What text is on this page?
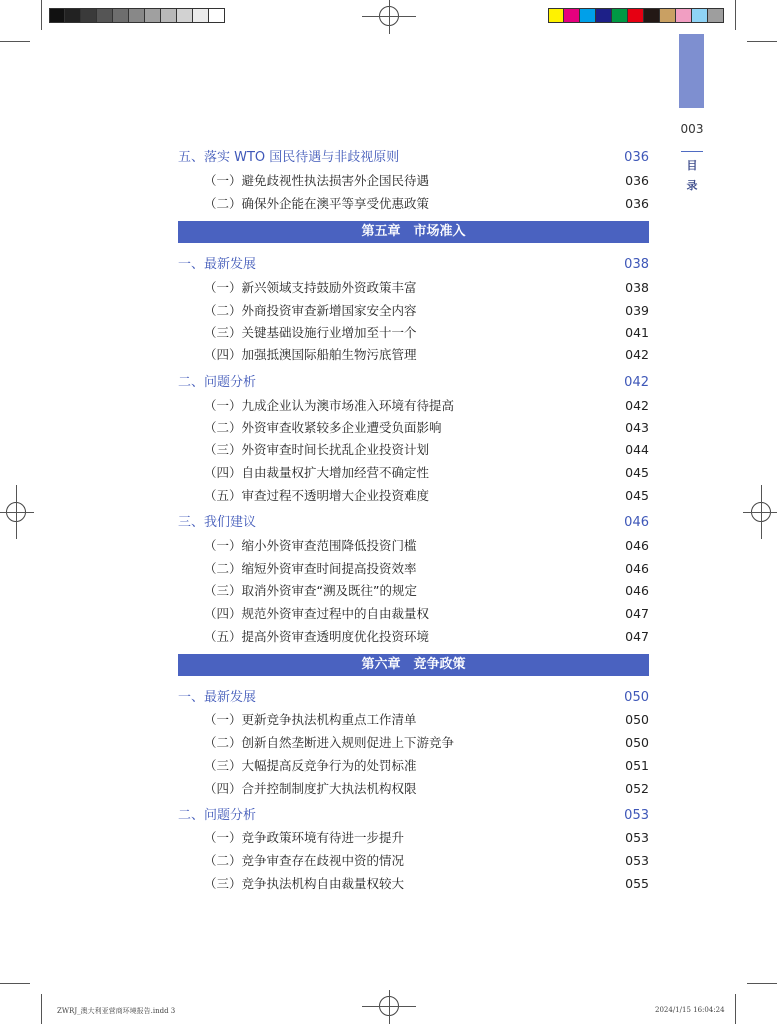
003
目
录
五、落实 WTO 国民待遇与非歧视原则	036
（一）避免歧视性执法损害外企国民待遇	036
（二）确保外企能在澳平等享受优惠政策	036
第五章　市场准入
一、最新发展	038
（一）新兴领域支持鼓励外资政策丰富	038
（二）外商投资审查新增国家安全内容	039
（三）关键基础设施行业增加至十一个	041
（四）加强抵澳国际船舶生物污底管理	042
二、问题分析	042
（一）九成企业认为澳市场准入环境有待提高	042
（二）外资审查收紧较多企业遭受负面影响	043
（三）外资审查时间长扰乱企业投资计划	044
（四）自由裁量权扩大增加经营不确定性	045
（五）审查过程不透明增大企业投资难度	045
三、我们建议	046
（一）缩小外资审查范围降低投资门槛	046
（二）缩短外资审查时间提高投资效率	046
（三）取消外资审查“溯及既往”的规定	046
（四）规范外资审查过程中的自由裁量权	047
（五）提高外资审查透明度优化投资环境	047
第六章　竞争政策
一、最新发展	050
（一）更新竞争执法机构重点工作清单	050
（二）创新自然垄断进入规则促进上下游竞争	050
（三）大幅提高反竞争行为的处罚标准	051
（四）合并控制制度扩大执法机构权限	052
二、问题分析	053
（一）竞争政策环境有待进一步提升	053
（二）竞争审查存在歧视中资的情况	053
（三）竞争执法机构自由裁量权较大	055
ZWRJ_澳大利亚营商环境报告.indd 3	2024/1/15 16:04:24
